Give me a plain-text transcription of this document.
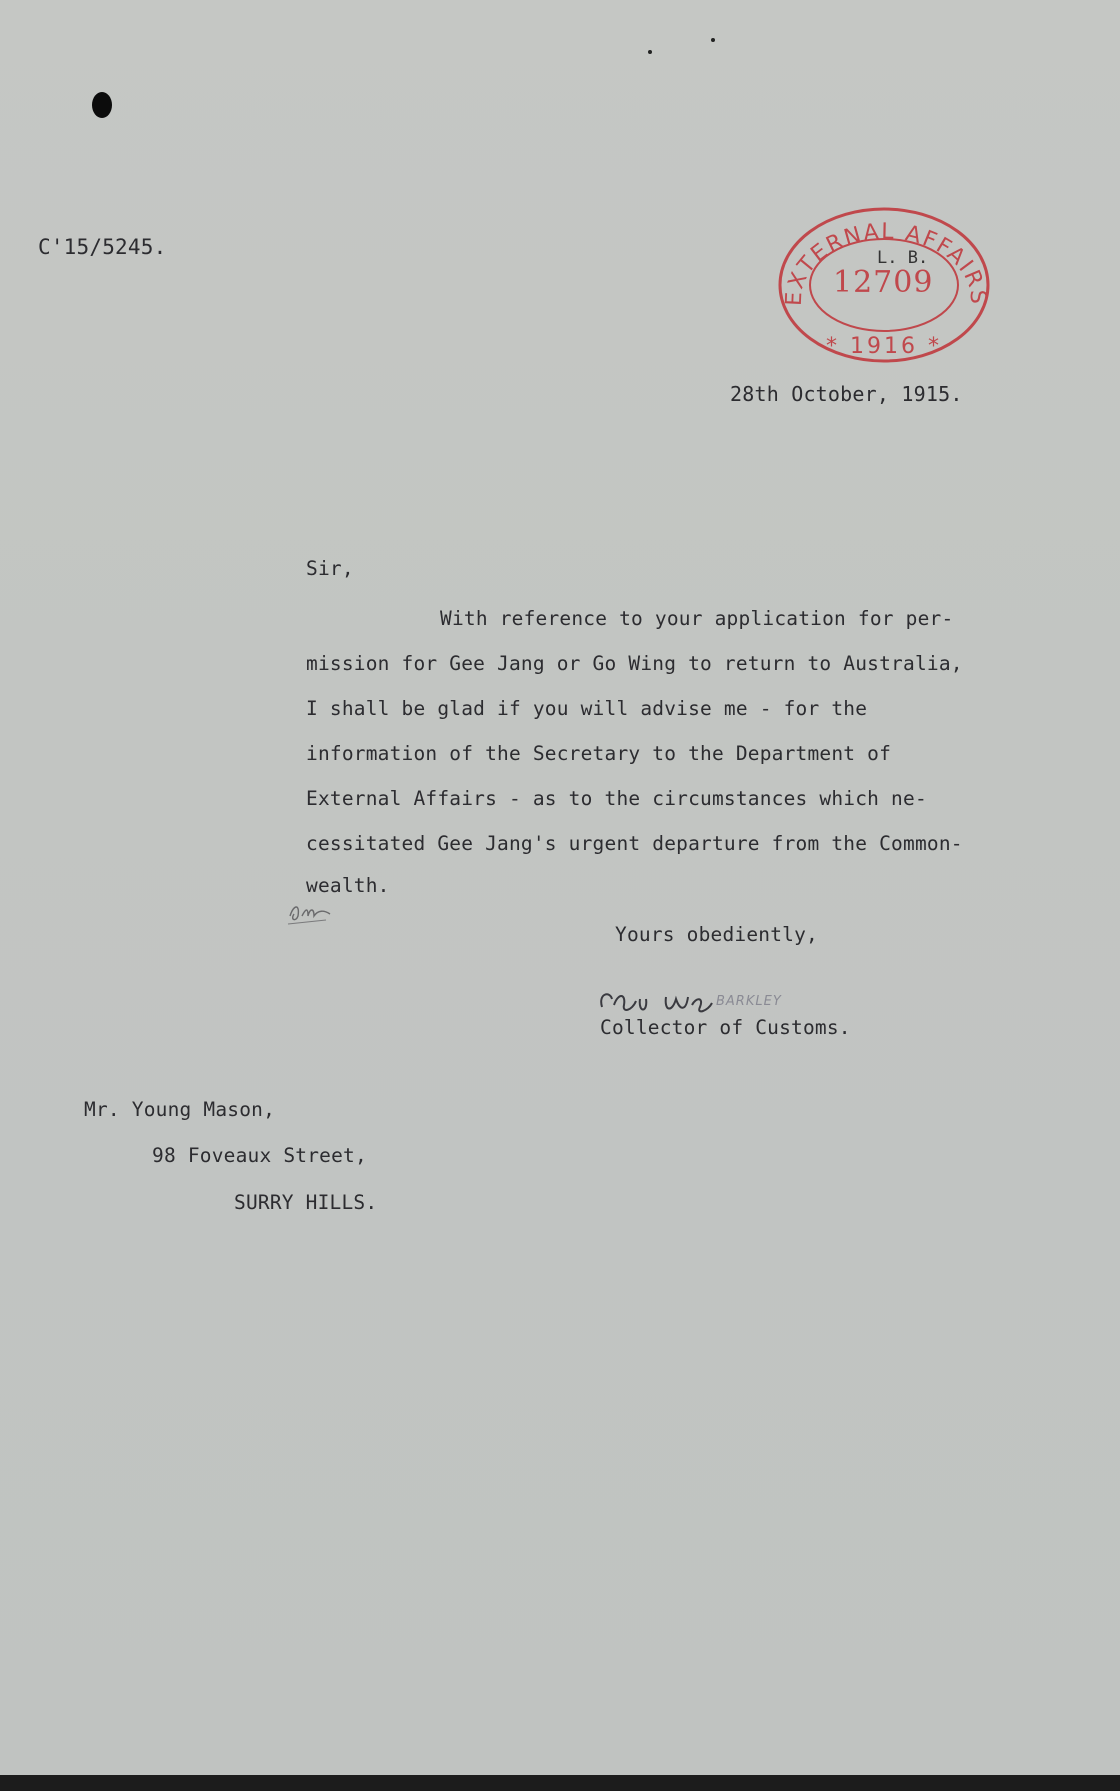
C'15/5245.
EXTERNAL AFFAIRS
* 1916 *
L. B.
12709
28th October, 1915.
Sir,
With reference to your application for per-
mission for Gee Jang or Go Wing to return to Australia,
I shall be glad if you will advise me - for the
information of the Secretary to the Department of
External Affairs - as to the circumstances which ne-
cessitated Gee Jang's urgent departure from the Common-
wealth.
Yours obediently,
BARKLEY
Collector of Customs.
Mr. Young Mason,
98 Foveaux Street,
SURRY HILLS.
